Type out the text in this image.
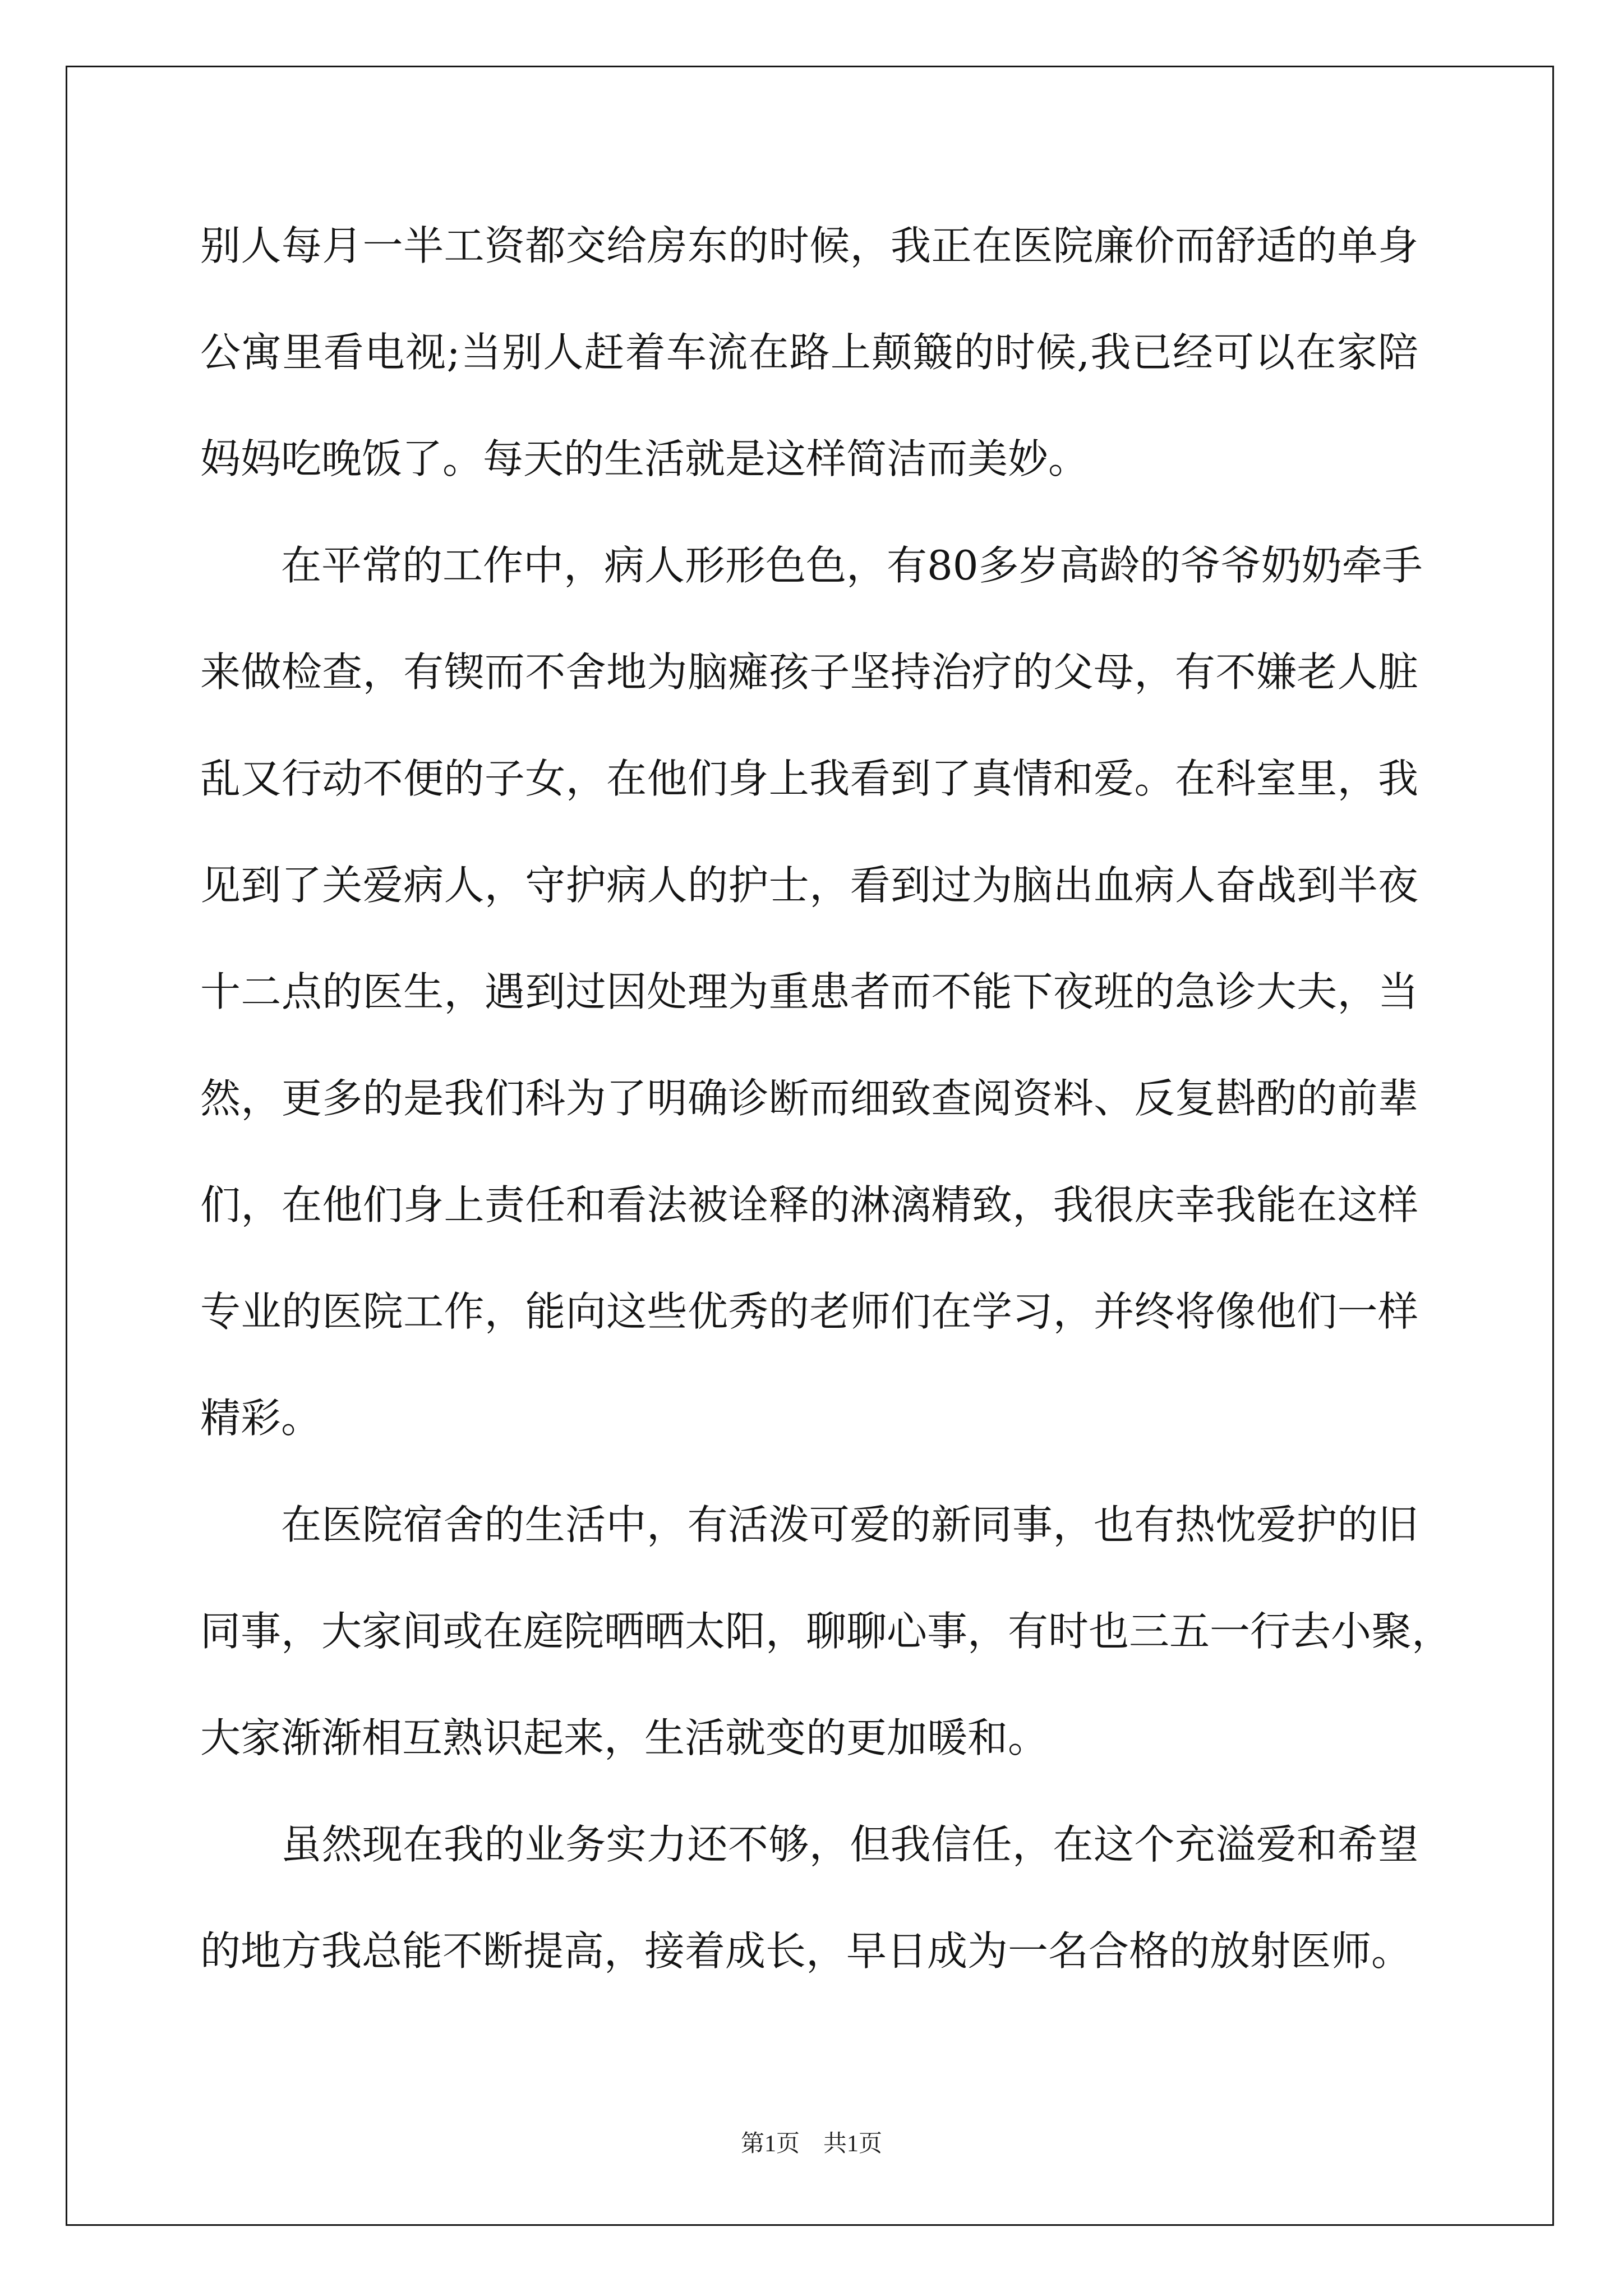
别人每月一半工资都交给房东的时候，我正在医院廉价而舒适的单身
公寓里看电视;当别人赶着车流在路上颠簸的时候,我已经可以在家陪
妈妈吃晚饭了。每天的生活就是这样简洁而美妙。
在平常的工作中，病人形形色色，有80多岁高龄的爷爷奶奶牵手
来做检查，有锲而不舍地为脑瘫孩子坚持治疗的父母，有不嫌老人脏
乱又行动不便的子女，在他们身上我看到了真情和爱。在科室里，我
见到了关爱病人，守护病人的护士，看到过为脑出血病人奋战到半夜
十二点的医生，遇到过因处理为重患者而不能下夜班的急诊大夫，当
然，更多的是我们科为了明确诊断而细致查阅资料、反复斟酌的前辈
们，在他们身上责任和看法被诠释的淋漓精致，我很庆幸我能在这样
专业的医院工作，能向这些优秀的老师们在学习，并终将像他们一样
精彩。
在医院宿舍的生活中，有活泼可爱的新同事，也有热忱爱护的旧
同事，大家间或在庭院晒晒太阳，聊聊心事，有时也三五一行去小聚，
大家渐渐相互熟识起来，生活就变的更加暖和。
虽然现在我的业务实力还不够，但我信任，在这个充溢爱和希望
的地方我总能不断提高，接着成长，早日成为一名合格的放射医师。
第1页　共1页
